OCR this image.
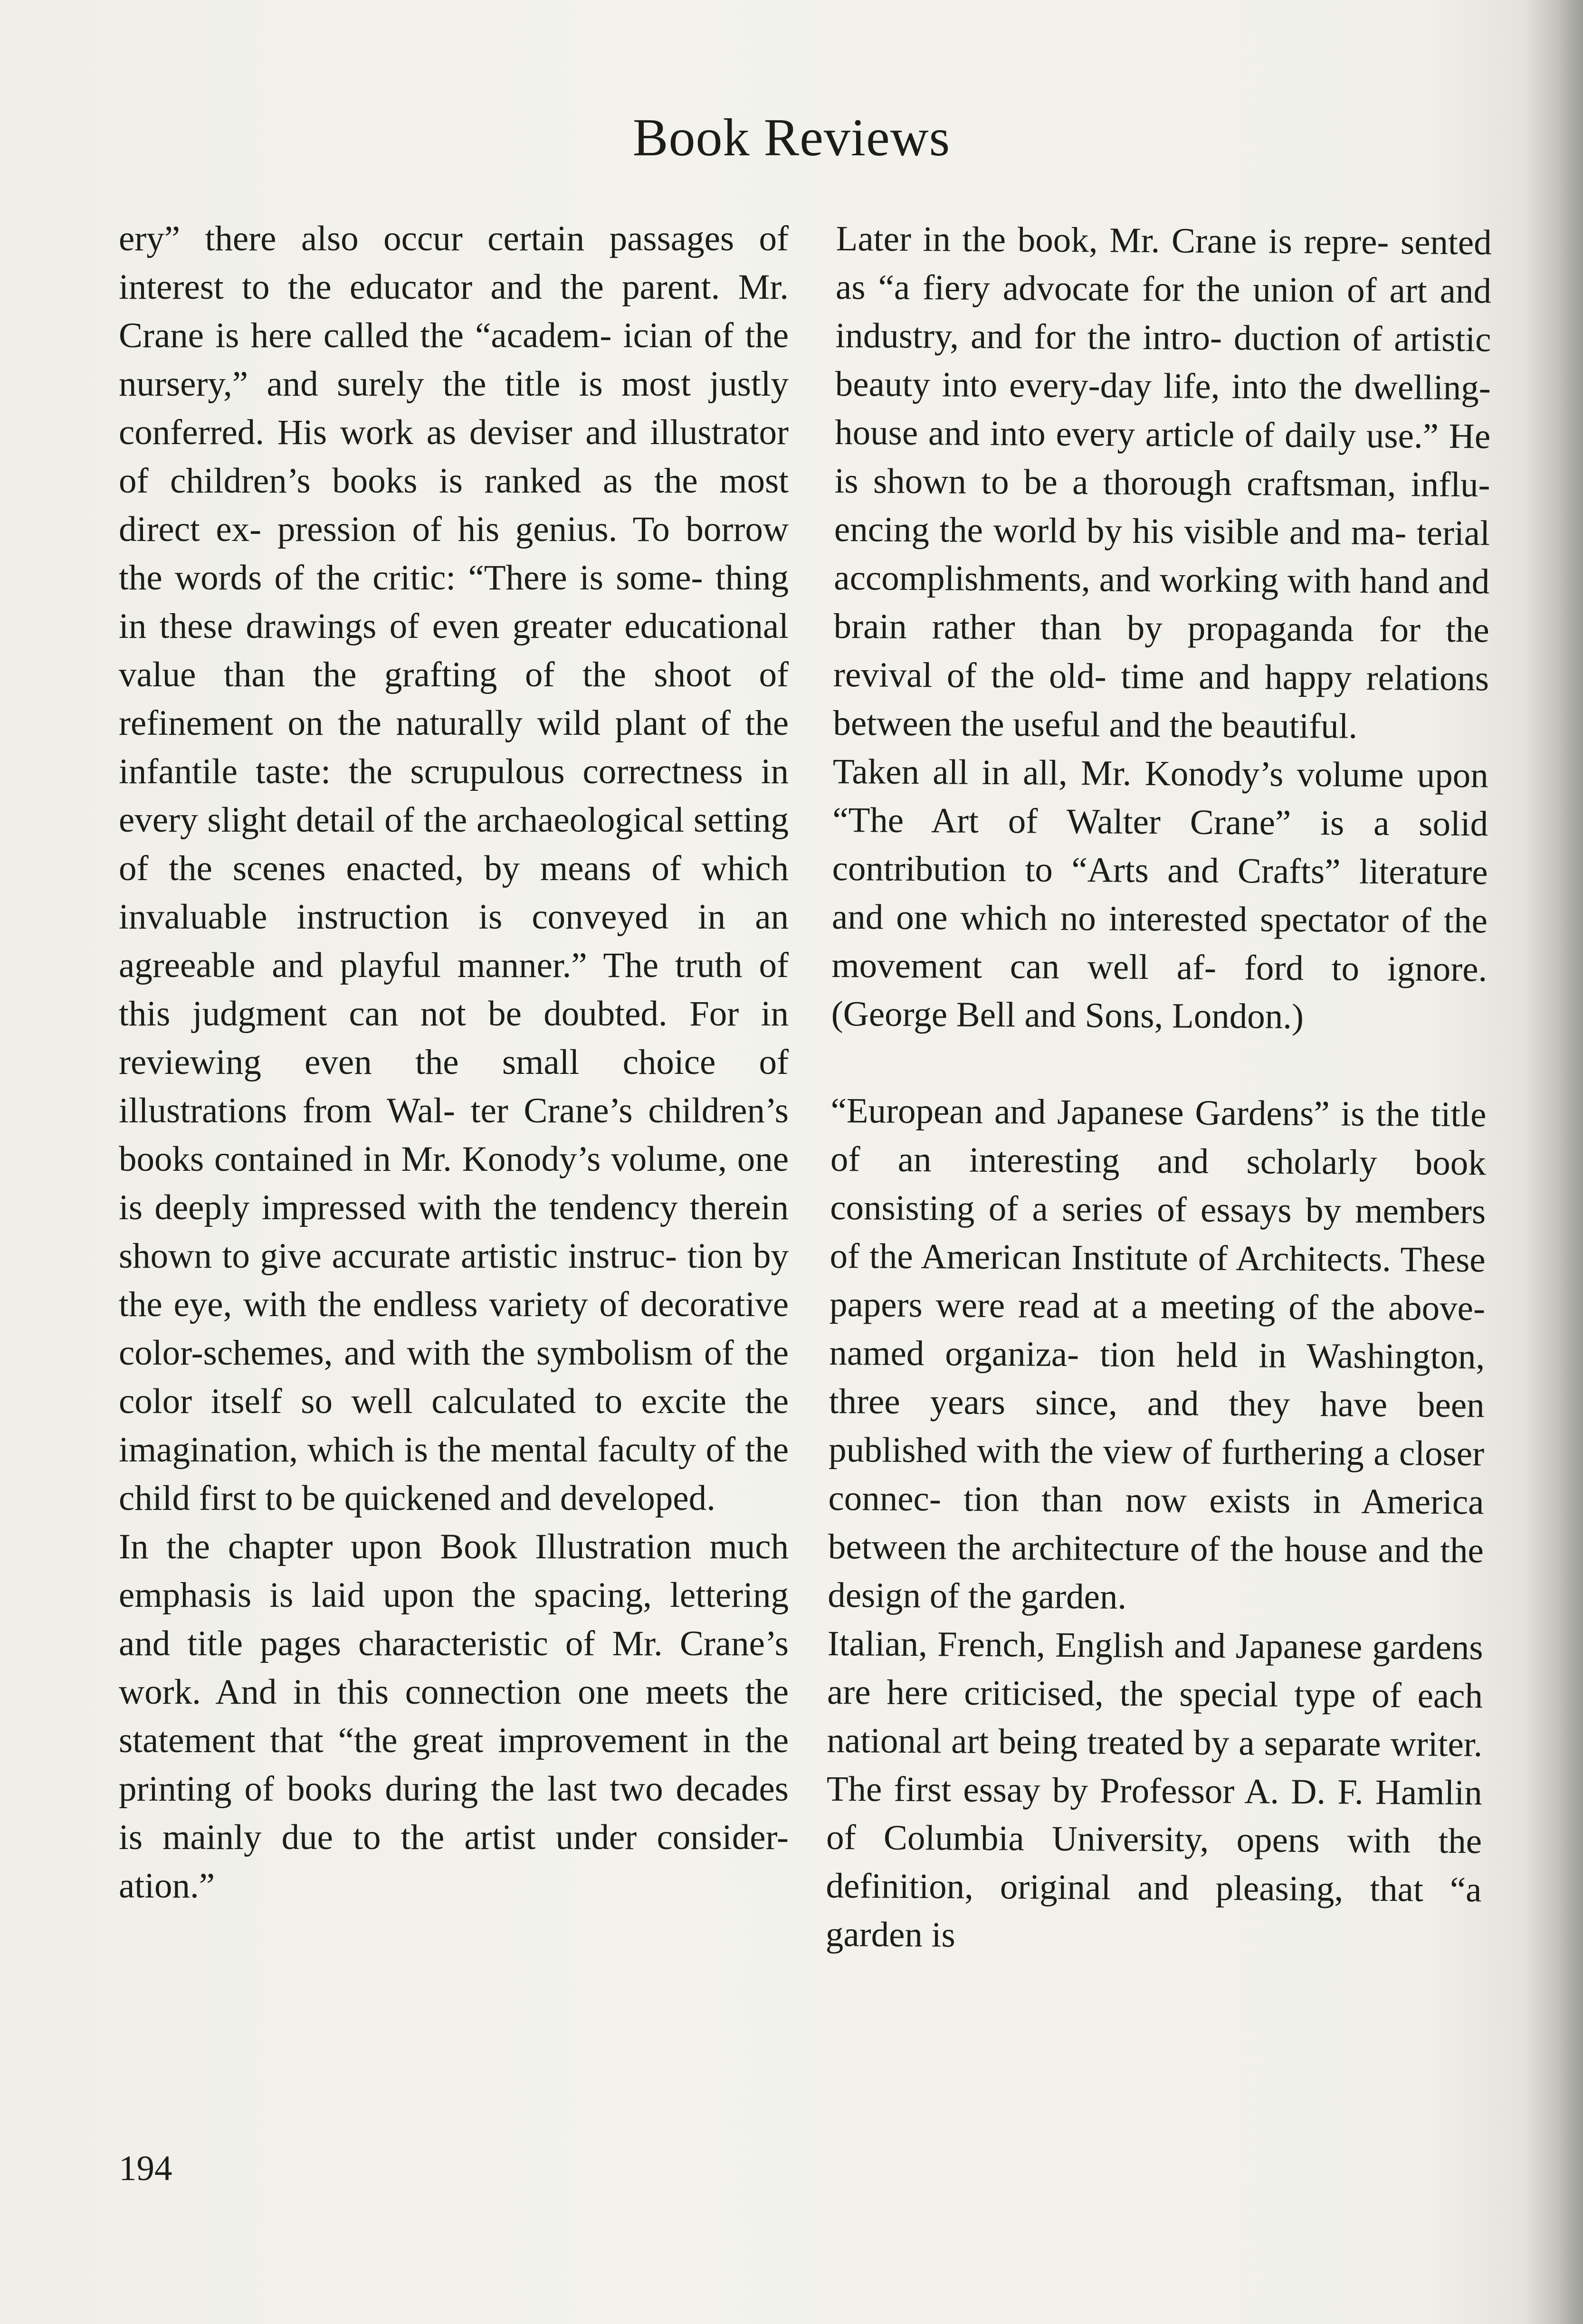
Book Reviews

ery” there also occur certain passages of interest to the educator and the parent. Mr. Crane is here called the “academ- ician of the nursery,” and surely the title is most justly conferred. His work as deviser and illustrator of children’s books is ranked as the most direct ex- pression of his genius. To borrow the words of the critic: “There is some- thing in these drawings of even greater educational value than the grafting of the shoot of refinement on the naturally wild plant of the infantile taste: the scrupulous correctness in every slight detail of the archaeological setting of the scenes enacted, by means of which invaluable instruction is conveyed in an agreeable and playful manner.” The truth of this judgment can not be doubted. For in reviewing even the small choice of illustrations from Wal- ter Crane’s children’s books contained in Mr. Konody’s volume, one is deeply impressed with the tendency therein shown to give accurate artistic instruc- tion by the eye, with the endless variety of decorative color-schemes, and with the symbolism of the color itself so well calculated to excite the imagination, which is the mental faculty of the child first to be quickened and developed.

In the chapter upon Book Illustration much emphasis is laid upon the spacing, lettering and title pages characteristic of Mr. Crane’s work. And in this connection one meets the statement that “the great improvement in the printing of books during the last two decades is mainly due to the artist under consider- ation.”

Later in the book, Mr. Crane is repre- sented as “a fiery advocate for the union of art and industry, and for the intro- duction of artistic beauty into every-day life, into the dwelling-house and into every article of daily use.” He is shown to be a thorough craftsman, influ- encing the world by his visible and ma- terial accomplishments, and working with hand and brain rather than by propaganda for the revival of the old- time and happy relations between the useful and the beautiful.

Taken all in all, Mr. Konody’s volume upon “The Art of Walter Crane” is a solid contribution to “Arts and Crafts” literature and one which no interested spectator of the movement can well af- ford to ignore. (George Bell and Sons, London.)

“European and Japanese Gardens” is the title of an interesting and scholarly book consisting of a series of essays by members of the American Institute of Architects. These papers were read at a meeting of the above-named organiza- tion held in Washington, three years since, and they have been published with the view of furthering a closer connec- tion than now exists in America between the architecture of the house and the design of the garden.

Italian, French, English and Japanese gardens are here criticised, the special type of each national art being treated by a separate writer. The first essay by Professor A. D. F. Hamlin of Columbia University, opens with the definition, original and pleasing, that “a garden is

194
